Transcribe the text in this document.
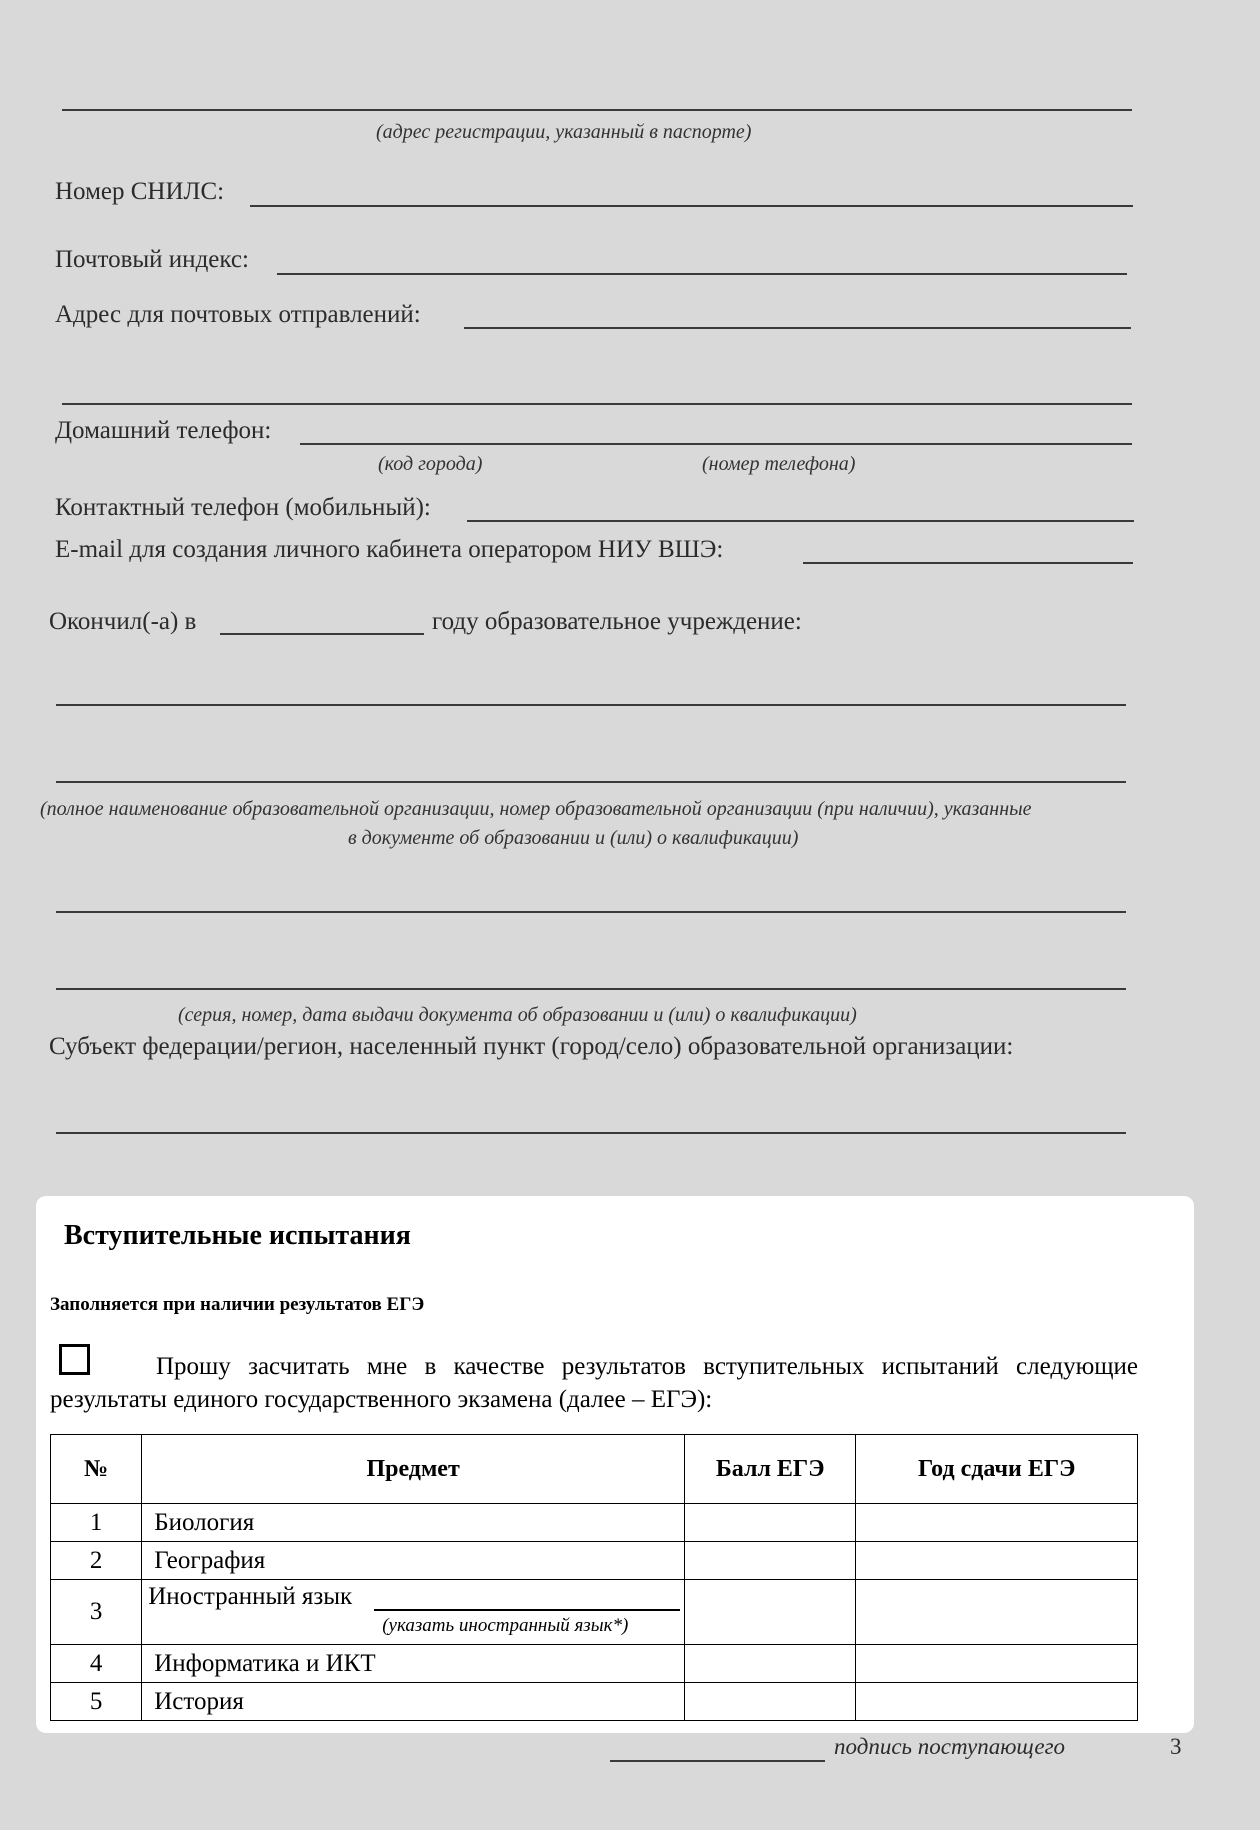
(адрес регистрации, указанный в паспорте)
Номер СНИЛС:
Почтовый индекс:
Адрес для почтовых отправлений:
Домашний телефон:
(код города)	(номер телефона)
Контактный телефон (мобильный):
E-mail для создания личного кабинета оператором НИУ ВШЭ:
Окончил(-а) в	году образовательное учреждение:
(полное наименование образовательной организации, номер образовательной организации (при наличии), указанные
в документе об образовании и (или) о квалификации)
(серия, номер, дата выдачи документа об образовании и (или) о квалификации)
Субъект федерации/регион, населенный пункт (город/село) образовательной организации:
Вступительные испытания
Заполняется при наличии результатов ЕГЭ
Прошу засчитать мне в качестве результатов вступительных испытаний следующие результаты единого государственного экзамена (далее – ЕГЭ):
№	Предмет	Балл ЕГЭ	Год сдачи ЕГЭ
1	Биология		
2	География		
3	Иностранный язык
(указать иностранный язык*)		

4	Информатика и ИКТ		
5	История		
подпись поступающего	3
